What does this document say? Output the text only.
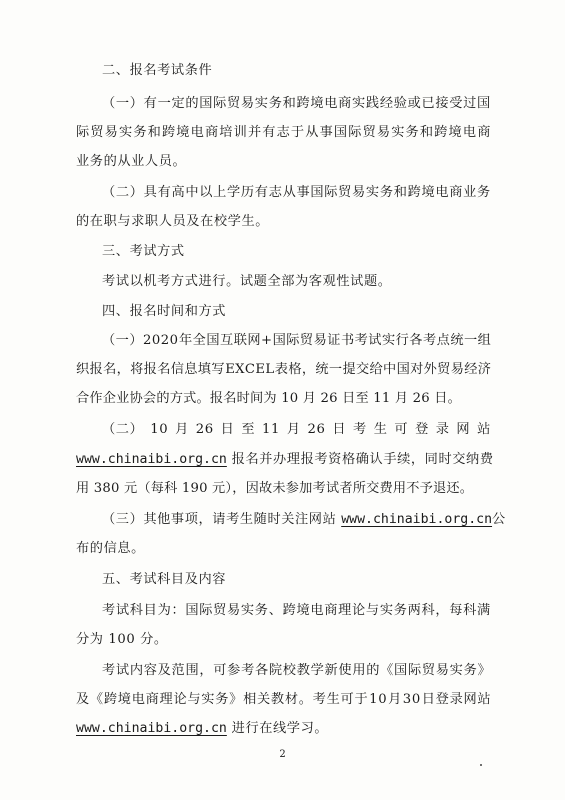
二、报名考试条件
（ 一 ） 有 一 定 的 国 际 贸 易 实 务 和 跨 境 电 商 实 践 经 验 或 已 接 受 过 国
际 贸 易 实 务 和 跨 境 电 商 培 训 并 有 志 于 从 事 国 际 贸 易 实 务 和 跨 境 电 商
业务的从业人员。
（ 二 ） 具 有 高 中 以 上 学 历 有 志 从 事 国 际 贸 易 实 务 和 跨 境 电 商 业 务
的在职与求职人员及在校学生。
三、考试方式
考试以机考方式进行。试题全部为客观性试题。
四、报名时间和方式
（ 一 ） 2 0 2 0 年 全 国 互 联 网 + 国 际 贸 易 证 书 考 试 实 行 各 考 点 统 一 组
织 报 名 ， 将 报 名 信 息 填 写 E X C E L 表 格 ， 统 一 提 交 给 中 国 对 外 贸 易 经 济
合作企业协会的方式。报名时间为 10 月 26 日至 11 月 26 日。
（二） 10 月 26 日 至 11 月 26 日 考 生 可 登 录 网 站
www.chinaibi.org.cn 报名并办理报考资格确认手续，同时交纳费
用 380 元（每科 190 元），因故未参加考试者所交费用不予退还。
（三）其他事项，请考生随时关注网站 www.chinaibi.org.cn公
布的信息。
五、考试科目及内容
考 试 科 目 为 ： 国 际 贸 易 实 务 、 跨 境 电 商 理 论 与 实 务 两 科 ， 每 科 满
分为 100 分。
考 试 内 容 及 范 围 ， 可 参 考 各 院 校 教 学 新 使 用 的 《 国 际 贸 易 实 务 》
及 《 跨 境 电 商 理 论 与 实 务 》 相 关 教 材 。 考 生 可 于 1 0 月 3 0 日 登 录 网 站
www.chinaibi.org.cn 进行在线学习。
2
